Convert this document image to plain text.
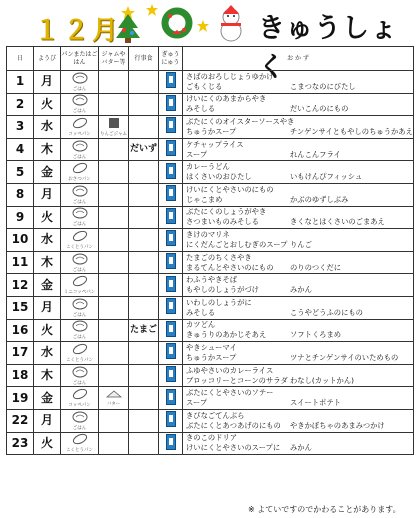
１２月	きゅうしょく
日	ようび	パンまたはごはん	ジャムやバター等	行事食	ぎゅうにゅう	お か ず
1	月	ごはん				さばのおろしじょうゆかけ
ごもくじる こまつなのにびたし

2	火	ごはん				けいにくのあまからやき
みそしる だいこんのにもの

3	水	コッペパン	りんごジャム			ぶたにくのオイスターソースやき
ちゅうかスープ チンゲンサイともやしのちゅうかあえ

4	木	ごはん		だいず		ケチャップライス
スープ れんこんフライ

5	金	おさつパン				カレーうどん
はくさいのおひたし いもけんぴフィッシュ

8	月	ごはん				けいにくとやさいのにもの
じゃこまめ かぶのゆずしぶみ

9	火	ごはん				ぶたにくのしょうがやき
さつまいものみそしる きくなとはくさいのごまあえ

10	水	こくとうパン				きけのマリネ
にくだんごとおしむぎのスープ りんご

11	木	ごはん				たまごのちくさやき
まるてんとやさいのにもの のりのつくだに

12	金	ミニコッペパン				わふうやきそば
もやしのしょうがづけ みかん

15	月	ごはん				いわしのしょうがに
みそしる こうやどうふのにもの

16	火	ごはん		たまご		カツどん
きゅうりのあかじそあえ ソフトくろまめ

17	水	こくとうパン				やきシューマイ
ちゅうかスープ ツナとチンゲンサイのいためもの

18	木	ごはん				ふゆやさいのカレーライス
ブロッコリーとコーンのサラダ わなし(カットかん)

19	金	コッペパン	バター			ぶたにくとやさいのソテー
スープ スイートポテト

22	月	ごはん				きびなごてんぷら
ぶたにくとあつあげのにもの やきかぼちゃのあまみつかけ

23	火	こくとうパン				きのこのドリア
けいにくとやさいのスープに みかん
※ よていですのでかわることがあります。
